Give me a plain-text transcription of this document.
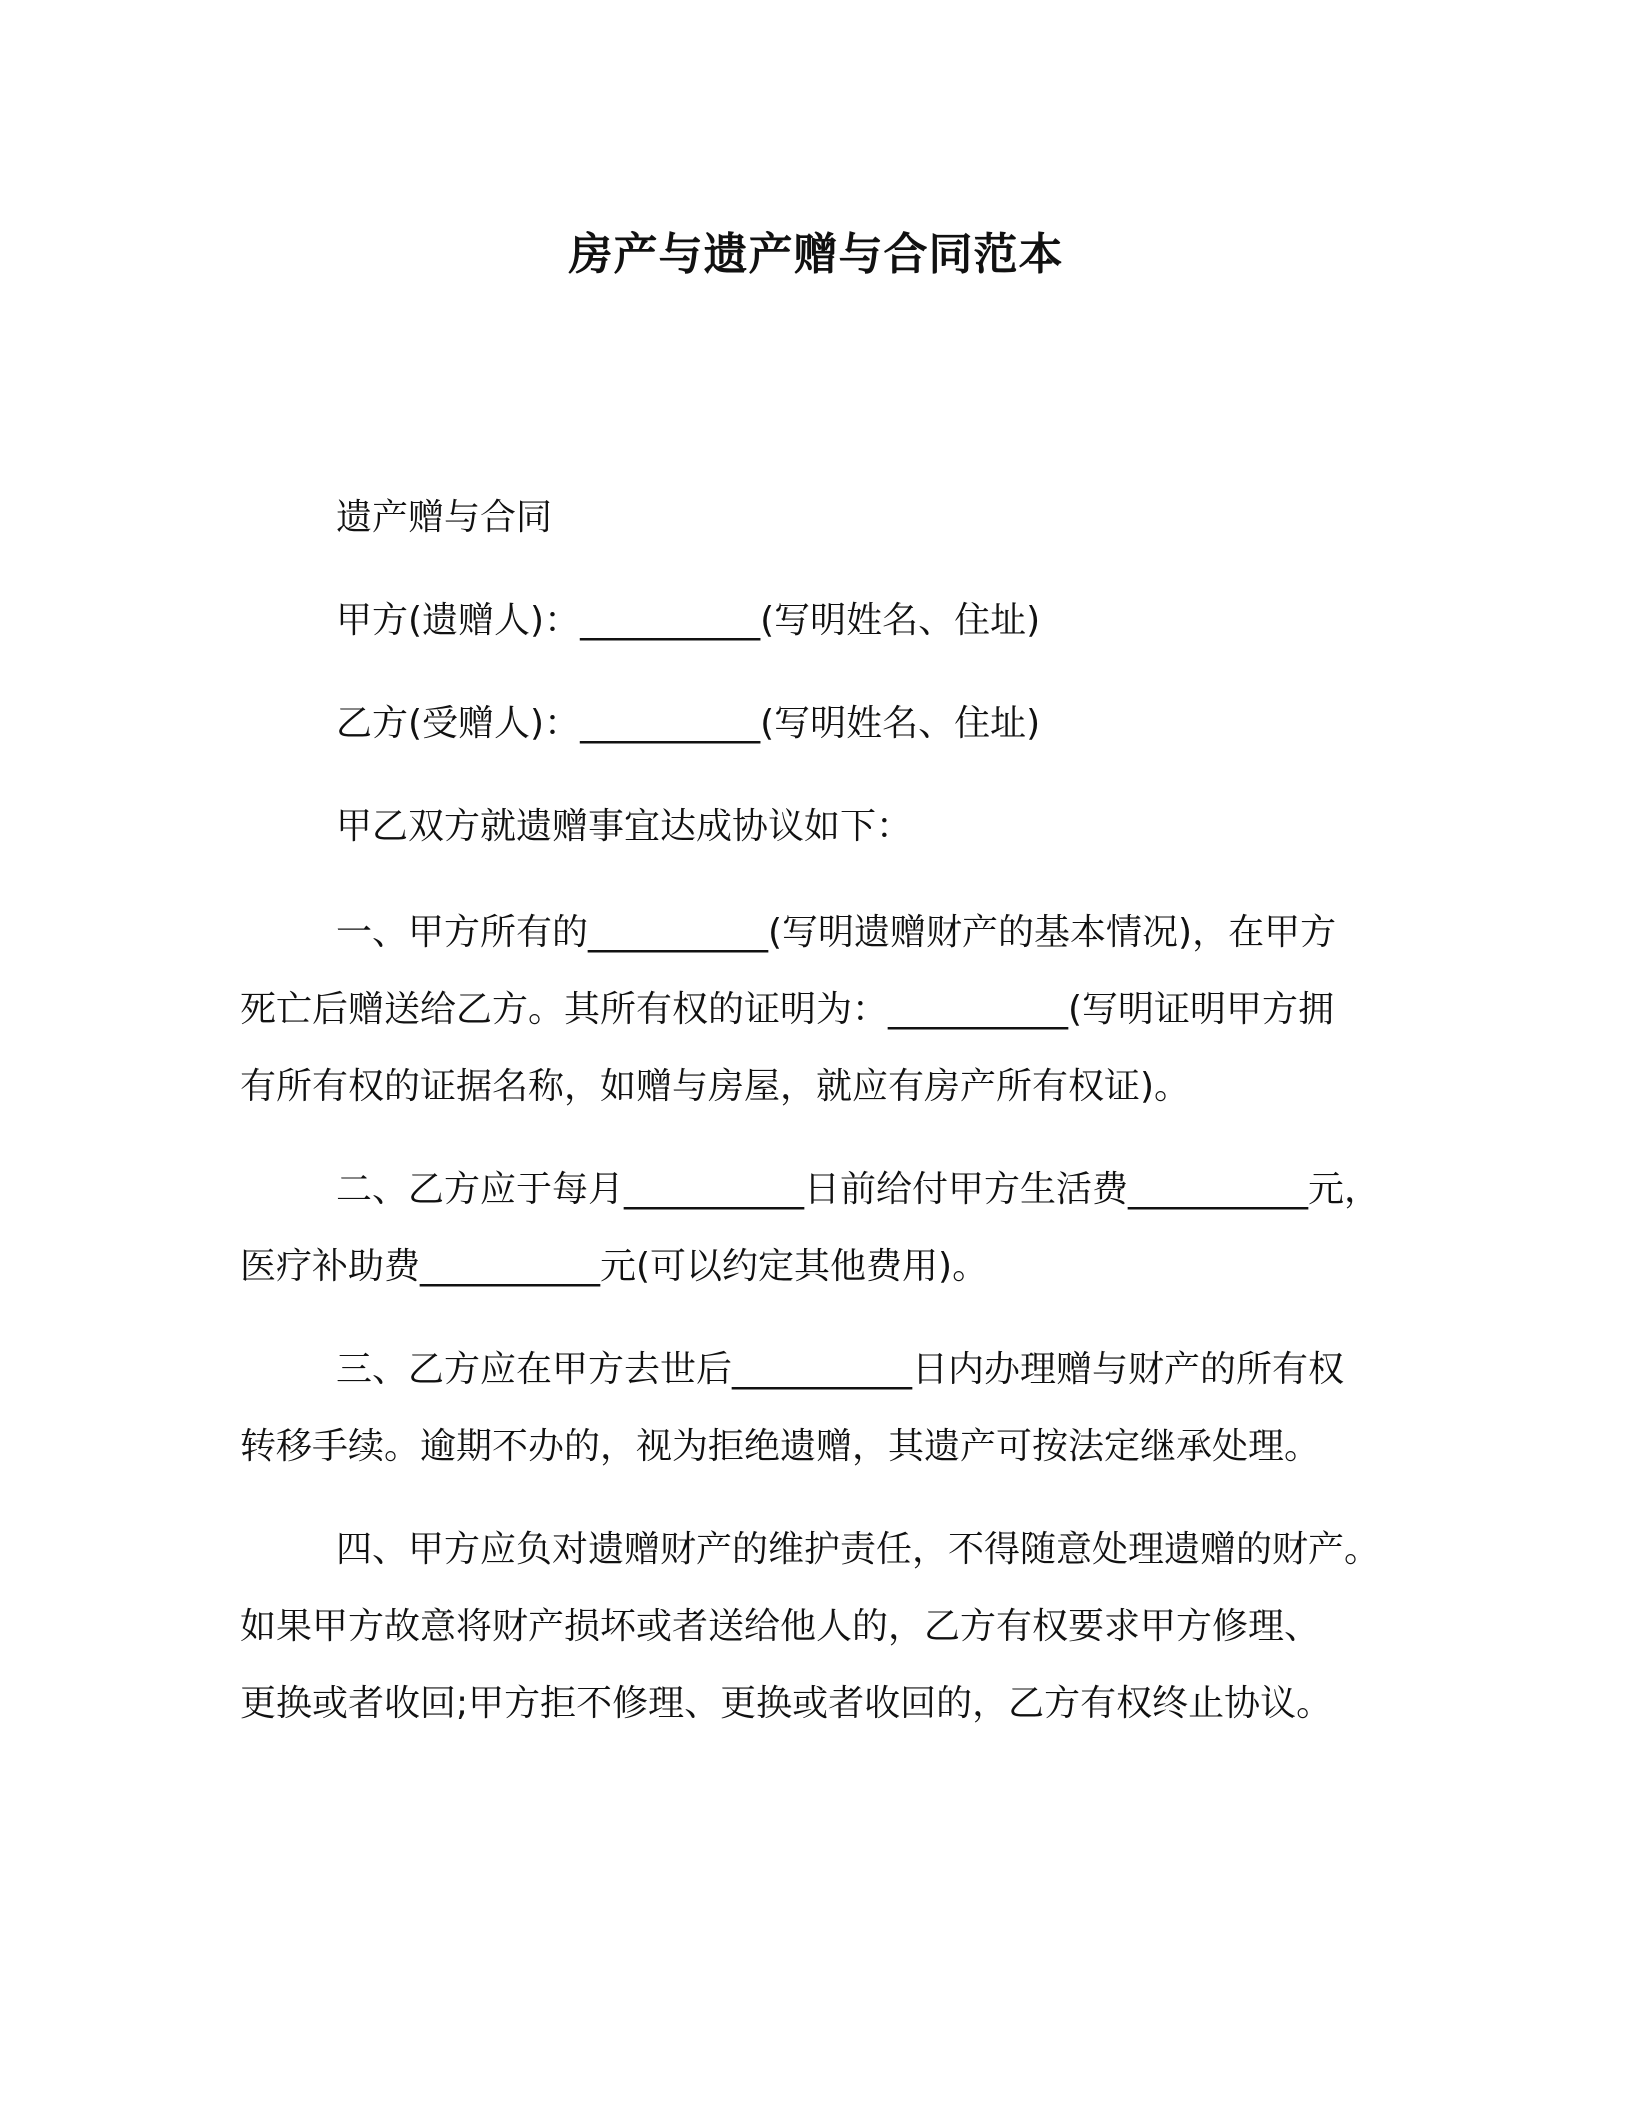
房产与遗产赠与合同范本
遗产赠与合同
甲方(遗赠人)：__________(写明姓名、住址)
乙方(受赠人)：__________(写明姓名、住址)
甲乙双方就遗赠事宜达成协议如下：
一、甲方所有的__________(写明遗赠财产的基本情况)，在甲方
死亡后赠送给乙方。其所有权的证明为：__________(写明证明甲方拥
有所有权的证据名称，如赠与房屋，就应有房产所有权证)。
二、乙方应于每月__________日前给付甲方生活费__________元，
医疗补助费__________元(可以约定其他费用)。
三、乙方应在甲方去世后__________日内办理赠与财产的所有权
转移手续。逾期不办的，视为拒绝遗赠，其遗产可按法定继承处理。
四、甲方应负对遗赠财产的维护责任，不得随意处理遗赠的财产。
如果甲方故意将财产损坏或者送给他人的，乙方有权要求甲方修理、
更换或者收回;甲方拒不修理、更换或者收回的，乙方有权终止协议。
